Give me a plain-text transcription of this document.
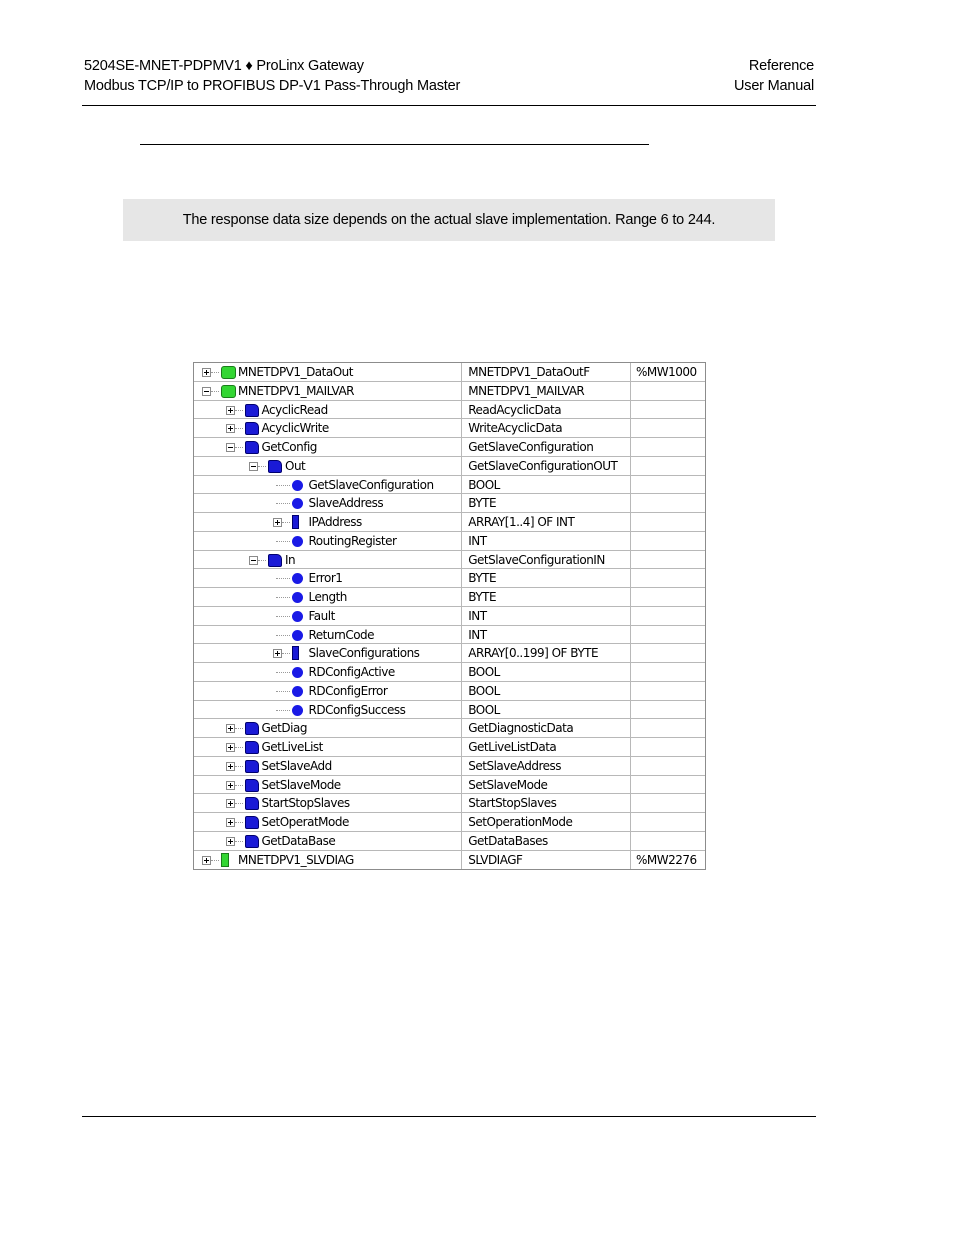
5204SE-MNET-PDPMV1 ♦ ProLinx Gateway
Modbus TCP/IP to PROFIBUS DP-V1 Pass-Through Master
Reference
User Manual
The response data size depends on the actual slave implementation. Range 6 to 244.
MNETDPV1_DataOut	MNETDPV1_DataOutF	%MW1000
MNETDPV1_MAILVAR	MNETDPV1_MAILVAR
AcyclicRead	ReadAcyclicData
AcyclicWrite	WriteAcyclicData
GetConfig	GetSlaveConfiguration
Out	GetSlaveConfigurationOUT
GetSlaveConfiguration	BOOL
SlaveAddress	BYTE
IPAddress	ARRAY[1..4] OF INT
RoutingRegister	INT
In	GetSlaveConfigurationIN
Error1	BYTE
Length	BYTE
Fault	INT
ReturnCode	INT
SlaveConfigurations	ARRAY[0..199] OF BYTE
RDConfigActive	BOOL
RDConfigError	BOOL
RDConfigSuccess	BOOL
GetDiag	GetDiagnosticData
GetLiveList	GetLiveListData
SetSlaveAdd	SetSlaveAddress
SetSlaveMode	SetSlaveMode
StartStopSlaves	StartStopSlaves
SetOperatMode	SetOperationMode
GetDataBase	GetDataBases
MNETDPV1_SLVDIAG	SLVDIAGF	%MW2276
